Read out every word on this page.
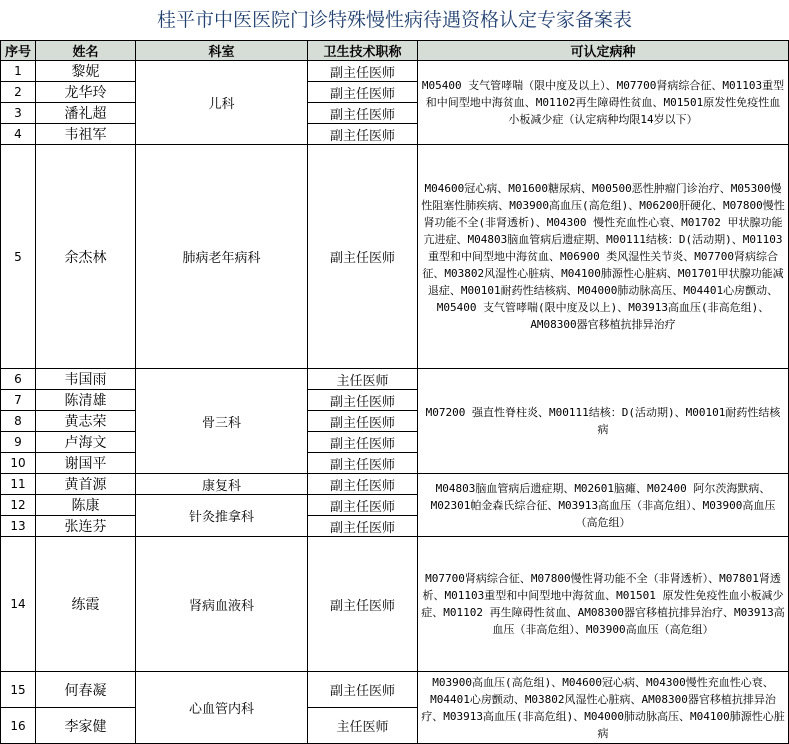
桂平市中医医院门诊特殊慢性病待遇资格认定专家备案表
序号	姓名	科室	卫生技术职称	可认定病种
1	黎妮	儿科	副主任医师	M05400 支气管哮喘（限中度及以上）、M07700肾病综合征、M01103重型和中间型地中海贫血、M01102再生障碍性贫血、M01501原发性免疫性血小板减少症（认定病种均限14岁以下）
2	龙华玲		副主任医师	
3	潘礼超		副主任医师	
4	韦祖军		副主任医师	
5	余杰林	肺病老年病科	副主任医师	M04600冠心病、M01600糖尿病、M00500恶性肿瘤门诊治疗、M05300慢性阻塞性肺疾病、M03900高血压(高危组)、M06200肝硬化、M07800慢性肾功能不全(非肾透析)、M04300 慢性充血性心衰、M01702 甲状腺功能亢进症、M04803脑血管病后遗症期、M00111结核：D(活动期)、M01103重型和中间型地中海贫血、M06900 类风湿性关节炎、M07700肾病综合征、M03802风湿性心脏病、M04100肺源性心脏病、M01701甲状腺功能减退症、M00101耐药性结核病、M04000肺动脉高压、M04401心房颤动、M05400 支气管哮喘(限中度及以上)、M03913高血压(非高危组)、AM08300器官移植抗排异治疗
6	韦国雨	骨三科	主任医师	M07200 强直性脊柱炎、M00111结核：D(活动期)、M00101耐药性结核病
7	陈清雄		副主任医师	
8	黄志荣		副主任医师	
9	卢海文		副主任医师	
10	谢国平		副主任医师	
11	黄首源	康复科	副主任医师	M04803脑血管病后遗症期、M02601脑瘫、M02400 阿尔茨海默病、M02301帕金森氏综合征、M03913高血压（非高危组）、M03900高血压（高危组）
12	陈康	针灸推拿科	副主任医师	
13	张连芬		副主任医师	
14	练霞	肾病血液科	副主任医师	M07700肾病综合征、M07800慢性肾功能不全（非肾透析）、M07801肾透析、M01103重型和中间型地中海贫血、M01501 原发性免疫性血小板减少症、M01102 再生障碍性贫血、AM08300器官移植抗排异治疗、M03913高血压（非高危组）、M03900高血压（高危组）
15	何春凝	心血管内科	副主任医师	M03900高血压(高危组)、M04600冠心病、M04300慢性充血性心衰、M04401心房颤动、M03802风湿性心脏病、AM08300器官移植抗排异治疗、M03913高血压(非高危组)、M04000肺动脉高压、M04100肺源性心脏病
16	李家健		主任医师	
